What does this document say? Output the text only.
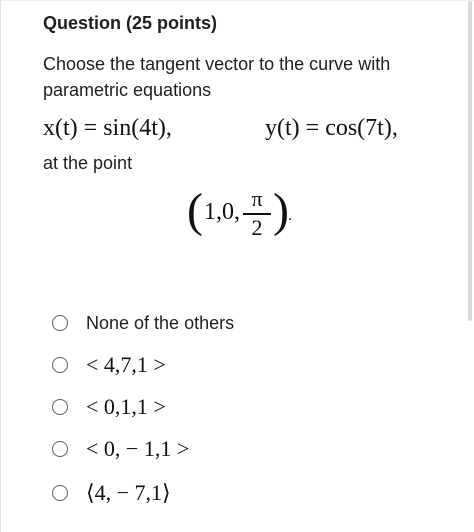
Question (25 points)
Choose the tangent vector to the curve with
parametric equations
x(t) = sin(4t),	y(t) = cos(7t),
at the point
( 1,0,
π
2 ) .
None of the others
< 4,7,1 >
< 0,1,1 >
< 0, − 1,1 >
⟨4, − 7,1⟩
